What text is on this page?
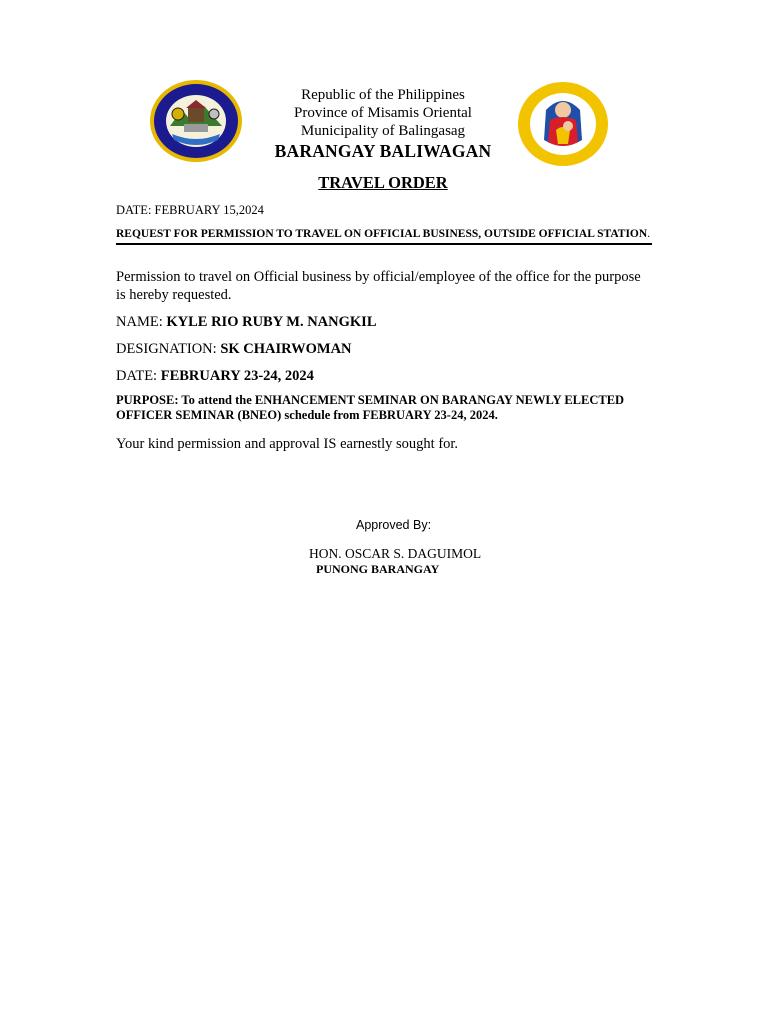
Republic of the Philippines
Province of Misamis Oriental
Municipality of Balingasag
BARANGAY BALIWAGAN
TRAVEL ORDER
DATE: FEBRUARY 15,2024
REQUEST FOR PERMISSION TO TRAVEL ON OFFICIAL BUSINESS, OUTSIDE OFFICIAL STATION.
Permission to travel on Official business by official/employee of the office for the purpose is hereby requested.
NAME: KYLE RIO RUBY M. NANGKIL
DESIGNATION: SK CHAIRWOMAN
DATE: FEBRUARY 23-24, 2024
PURPOSE: To attend the ENHANCEMENT SEMINAR ON BARANGAY NEWLY ELECTED OFFICER SEMINAR (BNEO) schedule from FEBRUARY 23-24, 2024.
Your kind permission and approval IS earnestly sought for.
Approved By:
HON. OSCAR S. DAGUIMOL
PUNONG BARANGAY
